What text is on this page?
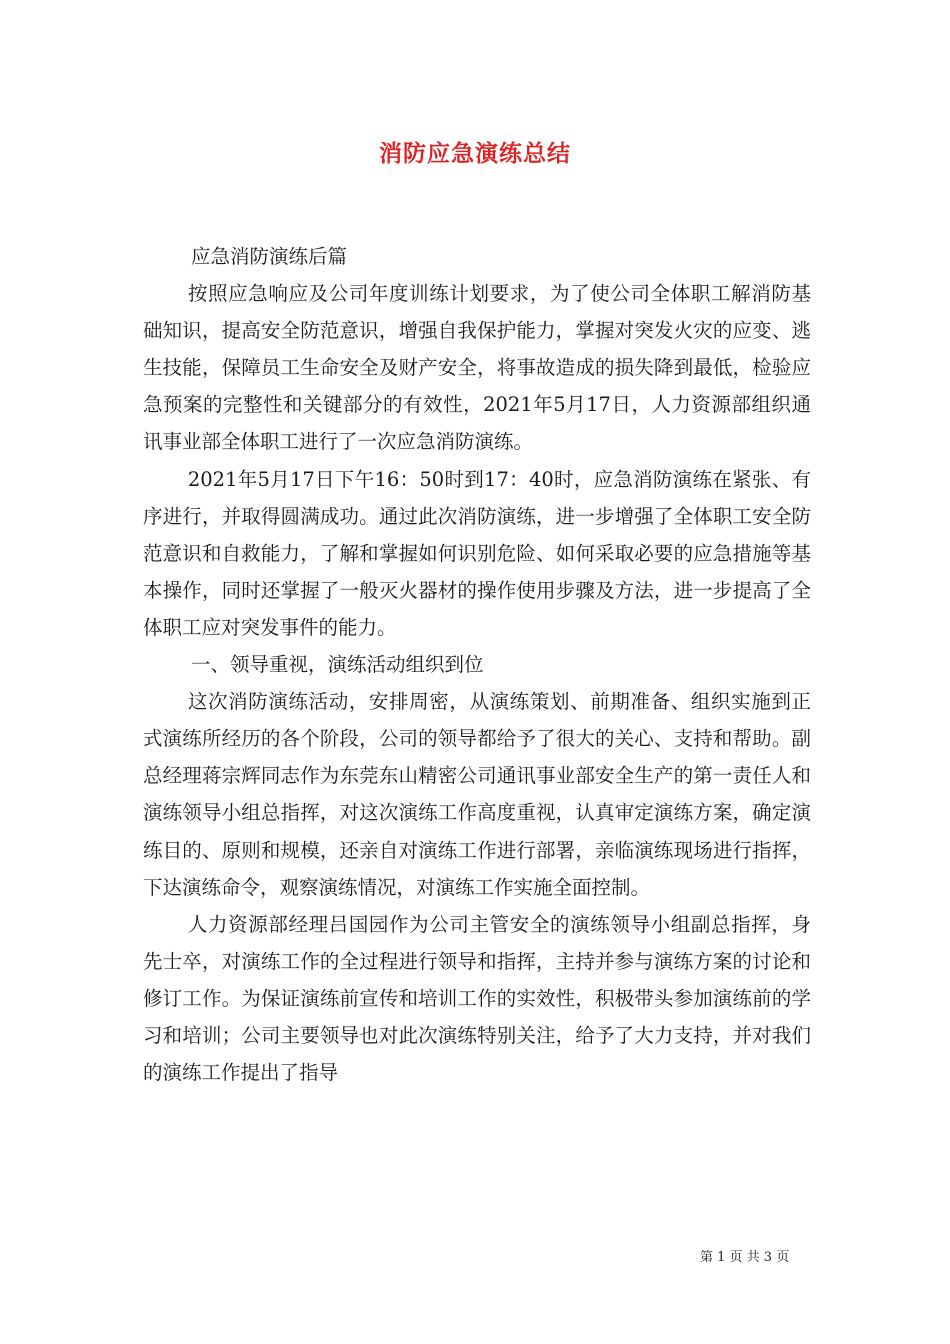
消防应急演练总结

应急消防演练后篇

按照应急响应及公司年度训练计划要求，为了使公司全体职工解消防基础知识，提高安全防范意识，增强自我保护能力，掌握对突发火灾的应变、逃生技能，保障员工生命安全及财产安全，将事故造成的损失降到最低，检验应急预案的完整性和关键部分的有效性，2021年5月17日，人力资源部组织通讯事业部全体职工进行了一次应急消防演练。

2021年5月17日下午16：50时到17：40时，应急消防演练在紧张、有序进行，并取得圆满成功。通过此次消防演练，进一步增强了全体职工安全防范意识和自救能力，了解和掌握如何识别危险、如何采取必要的应急措施等基本操作，同时还掌握了一般灭火器材的操作使用步骤及方法，进一步提高了全体职工应对突发事件的能力。

一、领导重视，演练活动组织到位

这次消防演练活动，安排周密，从演练策划、前期准备、组织实施到正式演练所经历的各个阶段，公司的领导都给予了很大的关心、支持和帮助。副总经理蒋宗辉同志作为东莞东山精密公司通讯事业部安全生产的第一责任人和演练领导小组总指挥，对这次演练工作高度重视，认真审定演练方案，确定演练目的、原则和规模，还亲自对演练工作进行部署，亲临演练现场进行指挥，下达演练命令，观察演练情况，对演练工作实施全面控制。

人力资源部经理吕国园作为公司主管安全的演练领导小组副总指挥，身先士卒，对演练工作的全过程进行领导和指挥，主持并参与演练方案的讨论和修订工作。为保证演练前宣传和培训工作的实效性，积极带头参加演练前的学习和培训；公司主要领导也对此次演练特别关注，给予了大力支持，并对我们的演练工作提出了指导

第 1 页 共 3 页
